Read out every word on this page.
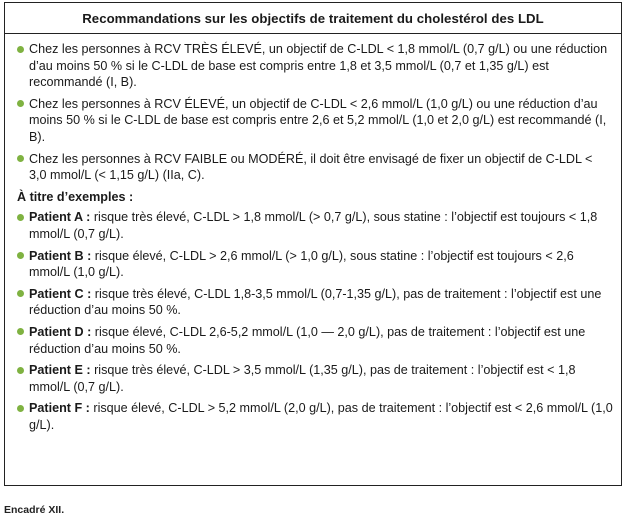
Recommandations sur les objectifs de traitement du cholestérol des LDL
Chez les personnes à RCV TRÈS ÉLEVÉ, un objectif de C-LDL < 1,8 mmol/L (0,7 g/L) ou une réduction d’au moins 50 % si le C-LDL de base est compris entre 1,8 et 3,5 mmol/L (0,7 et 1,35 g/L) est recommandé (I, B).
Chez les personnes à RCV ÉLEVÉ, un objectif de C-LDL < 2,6 mmol/L (1,0 g/L) ou une réduction d’au moins 50 % si le C-LDL de base est compris entre 2,6 et 5,2 mmol/L (1,0 et 2,0 g/L) est recommandé (I, B).
Chez les personnes à RCV FAIBLE ou MODÉRÉ, il doit être envisagé de fixer un objectif de C-LDL < 3,0 mmol/L (< 1,15 g/L) (IIa, C).
À titre d’exemples :
Patient A : risque très élevé, C-LDL > 1,8 mmol/L (> 0,7 g/L), sous statine : l’objectif est toujours < 1,8 mmol/L (0,7 g/L).
Patient B : risque élevé, C-LDL > 2,6 mmol/L (> 1,0 g/L), sous statine : l’objectif est toujours < 2,6 mmol/L (1,0 g/L).
Patient C : risque très élevé, C-LDL 1,8-3,5 mmol/L (0,7-1,35 g/L), pas de traitement : l’objectif est une réduction d’au moins 50 %.
Patient D : risque élevé, C-LDL 2,6-5,2 mmol/L (1,0 — 2,0 g/L), pas de traitement : l’objectif est une réduction d’au moins 50 %.
Patient E : risque très élevé, C-LDL > 3,5 mmol/L (1,35 g/L), pas de traitement : l’objectif est < 1,8 mmol/L (0,7 g/L).
Patient F : risque élevé, C-LDL > 5,2 mmol/L (2,0 g/L), pas de traitement : l’objectif est < 2,6 mmol/L (1,0 g/L).
Encadré XII.
